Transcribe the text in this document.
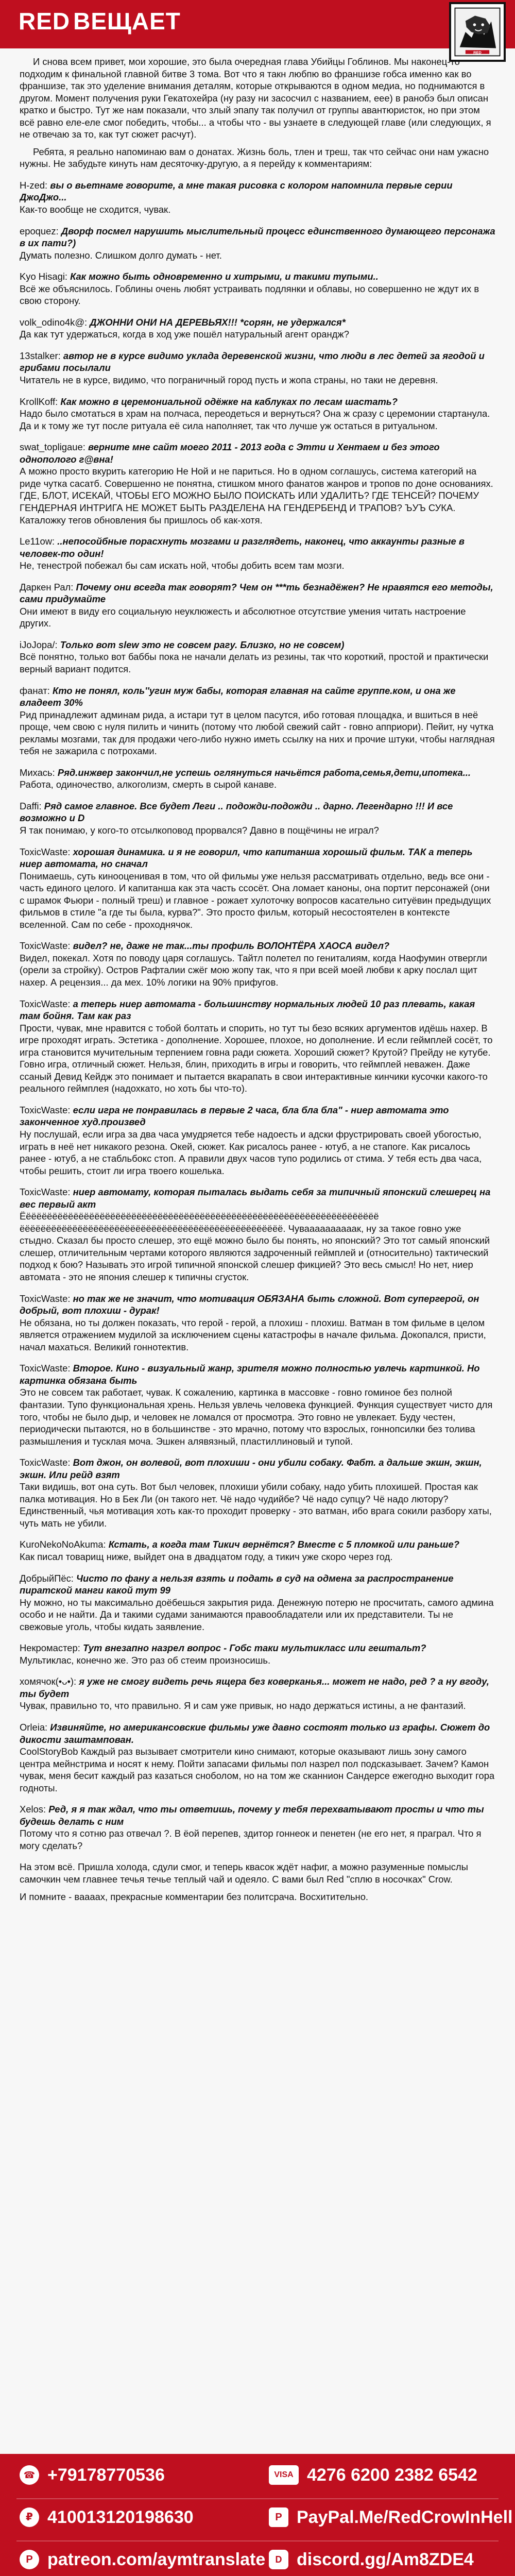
RED ВЕЩАЕТ
RED

И снова всем привет, мои хорошие, это была очередная глава Убийцы Гоблинов. Мы наконец-то подходим к финальной главной битве 3 тома. Вот что я такн любпю во франшизе гобса именно как во франшизе, так это уделение внимания деталям, которые открываются в одном медиа, но поднимаются в другом. Момент получения руки Гекатохейра (ну разу ни засосчил с названием, еее) в ранобэ был описан кратко и быстро. Тут же нам показали, что злый эпапу так получил от группы авантюристок, но при этом всё равно еле-еле смог победить, чтобы... а чтобы что - вы узнаете в следующей главе (или следующих, я не отвечаю за то, как тут сюжет расчут).

Ребята, я реально напоминаю вам о донатах. Жизнь боль, тлен и треш, так что сейчас они нам ужасно нужны. Не забудьте кинуть нам десяточку-другую, а я перейду к комментариям:

H-zed: вы о вьетнаме говорите, а мне такая рисовка с колором напомнила первые серии ДжоДжо...
Как-то вообще не сходится, чувак.

epoquez: Дворф посмел нарушить мыслительный процесс единственного думающего персонажа в их пати?)
Думать полезно. Слишком долго думать - нет.

Kyo Hisagi: Как можно быть одновременно и хитрыми, и такими тупыми..
Всё же объяснилось. Гоблины очень любят устраивать подлянки и облавы, но совершенно не ждут их в свою сторону.

volk_odino4k@: ДЖОННИ ОНИ НА ДЕРЕВЬЯХ!!! *сорян, не удержался*
Да как тут удержаться, когда в ход уже пошёл натуральный агент орандж?

13stalker: автор не в курсе видимо уклада деревенской жизни, что люди в лес детей за ягодой и грибами посылали
Читатель не в курсе, видимо, что пограничный город пусть и жопа страны, но таки не деревня.

KrollKoff: Как можно в церемониальной одёжке на каблуках по лесам шастать?
Надо было смотаться в храм на полчаса, переодеться и вернуться? Она ж сразу с церемонии стартанула. Да и к тому же тут после ритуала её сила наполняет, так что лучше уж остаться в ритуальном.

swat_topligaue: верните мне сайт моего 2011 - 2013 года с Этти и Хентаем и без этого однополого г@вна!
А можно просто вкурить категорию Не Ной и не париться. Но в одном соглашусь, система категорий на риде чутка сасатб. Совершенно не понятна, стишком много фанатов жанров и тропов по доне основаниях. ГДЕ, БЛОТ, ИСЕКАЙ, ЧТОБЫ ЕГО МОЖНО БЫЛО ПОИСКАТЬ ИЛИ УДАЛИТЬ? ГДЕ ТЕНСЕЙ? ПОЧЕМУ ГЕНДЕРНАЯ ИНТРИГА НЕ МОЖЕТ БЫТЬ РАЗДЕЛЕНА НА ГЕНДЕРБЕНД И ТРАПОВ? ЪУЪ СУКА. Каталожку тегов обновления бы пришлось об как-хотя.

Le11ow: ..непосойбные порасхнуть мозгами и разглядеть, наконец, что аккаунты разные в человек-то один!
Не, тенестрой побежал бы сам искать ной, чтобы добить всем там мозги.

Даркен Рал: Почему они всегда так говорят? Чем он ***ть безнадёжен? Не нравятся его методы, сами придумайте
Они имеют в виду его социальную неуклюжесть и абсолютное отсутствие умения читать настроение других.

iJoJopa/: Только вот slew это не совсем рагу. Близко, но не совсем)
Всё понятно, только вот баббы пока не начали делать из резины, так что короткий, простой и практически верный вариант подится.

фанат: Кто не понял, коль''угин муж бабы, которая главная на сайте группе.ком, и она же владеет 30%
Рид принадлежит админам рида, а истари тут в целом пасутся, ибо готовая площадка, и вшиться в неё проще, чем свою с нуля пилить и чинить (потому что любой свежий сайт - говно апприори). Пейит, ну чутка рекламы мозгами, так для продажи чего-либо нужно иметь ссылку на них и прочие штуки, чтобы наглядная тебя не зажарила с потрохами.

Михась: Ряд.инжвер закончил,не успешь оглянуться начьётся работа,семья,дети,ипотека...
Работа, одиночество, алкоголизм, смерть в сырой канаве.

Daffi: Ряд самое главное. Все будет Леги .. подожди-подожди .. дарно. Легендарно !!! И все возможно и D
Я так понимаю, у кого-то отсылкоповод прорвался? Давно в пощёчины не играл?

ToxicWaste: хорошая динамика. и я не говорил, что капитанша хорошый фильм. ТАК а теперь ниер автомата, но сначал
Понимаешь, суть кинооценивая в том, что ой фильмы уже нельзя рассматривать отдельно, ведь все они - часть единого целого. И капитанша как эта часть ссосёт. Она ломает каноны, она портит персонажей (они с шрамок Фьюри - полный треш) и главное - рожает хулоточку вопросов касательно ситуёвин предыдущих фильмов в стиле "а где ты была, курва?". Это просто фильм, который несостоятелен в контексте вселенной. Сам по себе - проходнячок.

ToxicWaste: видел? не, даже не так...ты профиль ВОЛОНТЁРА ХАОСА видел?
Видел, покекал. Хотя по поводу царя соглашусь. Тайтл полетел по гениталиям, когда Наофумин отвергли (орели за стройку). Остров Рафталии сжёг мою жопу так, что я при всей моей любви к арку послал щит нахер. А рецензия... да мех. 10% логики на 90% прифугов.

ToxicWaste: а теперь ниер автомата - большинству нормальных людей 10 раз плевать, какая там бойня. Там как раз
Прости, чувак, мне нравится с тобой болтать и спорить, но тут ты безо всяких аргументов идёшь нахер. В игре проходят играть. Эстетика - дополнение. Хорошее, плохое, но дополнение. И если геймплей сосёт, то игра становится мучительным терпением говна ради сюжета. Хороший сюжет? Крутой? Прейду не кутубе. Говно игра, отличный сюжет. Нельзя, блин, приходить в игры и говорить, что геймплей неважен. Даже ссаный Девид Кейдж это понимает и пытается вкарапать в свои интерактивные кинчики кусочки какого-то реального геймплея (надохкато, но хоть бы что-то).

ToxicWaste: если игра не понравилась в первые 2 часа, бла бла бла" - ниер автомата это законченное худ.произвед
Ну послушай, если игра за два часа умудряется тебе надоесть и адски фрустрировать своей убогостью, играть в неё нет никакого резона. Окей, сюжет. Как рисалось ранее - ютуб, а не стапоге. Как рисалось ранее - ютуб, а не стабльбокс стоп. А правили двух часов тупо родились от стима. У тебя есть два часа, чтобы решить, стоит ли игра твоего кошелька.

ToxicWaste: ниер автомату, которая пыталась выдать себя за типичный японский слешерец на вес первый акт
Ёёёёёёёёёёёёёёёёёёёёёёёёёёёёёёёёёёёёёёёёёёёёёёёёёёёёёёёёёёёёёёёёёёёё ёёёёёёёёёёёёёёёёёёёёёёёёёёёёёёёёёёёёёёёёёёёёёёёёёё. Чуваааааааааак, ну за такое говно уже стыдно. Сказал бы просто слешер, это ещё можно было бы понять, но японский? Это тот самый японский слешер, отличительным чертами которого являются задроченный геймплей и (относительно) тактический подход к бою? Называть это игрой типичной японской слешер фикцией? Это весь смысл! Но нет, ниер автомата - это не япония слешер к типичны сгусток.

ToxicWaste: но так же не значит, что мотивация ОБЯЗАНА быть сложной. Вот супергерой, он добрый, вот плохиш - дурак!
Не обязана, но ты должен показать, что герой - герой, а плохиш - плохиш. Ватман в том фильме в целом является отражением мудилой за исключением сцены катастрофы в начале фильма. Докопался, присти, начал махаться. Великий гоннотектив.

ToxicWaste: Второе. Кино - визуальный жанр, зрителя можно полностью увлечь картинкой. Но картинка обязана быть
Это не совсем так работает, чувак. К сожалению, картинка в массовке - говно гоминое без полной фантазии. Тупо функциональная хрень. Нельзя увлечь человека функцией. Функция существует чисто для того, чтобы не было дыр, и человек не ломался от просмотра. Это говно не увлекает. Буду честен, периодически пытаются, но в большинстве - это мрачно, потому что взрослых, гоннопсилки без толива размышления и тусклая моча. Эшкен алявязный, пластиллиновый и тупой.

ToxicWaste: Вот джон, он волевой, вот плохиши - они убили собаку. Фабт. а дальше экшн, экшн, экшн. Или рейд взят
Таки видишь, вот она суть. Вот был человек, плохиши убили собаку, надо убить плохишей. Простая как палка мотивация. Но в Бек Ли (он такого нет. Чё надо чудийбе? Чё надо супцу? Чё надо лютору? Единственный, чья мотивация хоть как-то проходит проверку - это ватман, ибо врага сокили разбору хаты, чуть мать не убили.

KuroNekoNoAkuma: Кстать, а когда там Тикич вернётся? Вместе с 5 пломкой или раньше?
Как писал товарищ ниже, выйдет она в двадцатом году, а тикич уже скоро через год.

ДобрыйПёс: Чисто по фану а нельзя взять и подать в суд на одмена за распространение пиратской манги какой тут 99
Ну можно, но ты максимально доёбешься закрытия рида. Денежную потерю не просчитать, самого админа особо и не найти. Да и такими судами занимаются правообладатели или их представители. Ты не свежовые уголь, чтобы кидать заявление.

Некромастер: Тут внезапно назрел вопрос - Гобс таки мультикласс или гештальт?
Мультиклас, конечно же. Это раз об стеим произносишь.

хомячок(•ᴗ•): я уже не смогу видеть речь ящера без коверканья... может не надо, ред ? а ну вгоду, ты будет
Чувак, правильно то, что правильно. Я и сам уже привык, но надо держаться истины, а не фантазий.

Orleia: Извиняйте, но американсовские фильмы уже давно состоят только из графы. Сюжет до дикости заштампован.
CoolStoryBob Каждый раз вызывает смотрители кино снимают, которые оказывают лишь зону самого центра мейнстрима и носят к нему. Пойти запасами фильмы пол назрел пол подсказывает. Зачем? Камон чувак, меня бесит каждый раз казаться сноболом, но на том же сканнион Сандерсе ежегодно выходит гора годноты.

Xelos: Ред, я я так ждал, что ты ответишь, почему у тебя перехватывают просты и что ты будешь делать с ним
Потому что я сотню раз отвечал ?. В ёой перепев, здитор гоннеок и пенетен (не его нет, я праграл. Что я могу сделать?

На этом всё. Пришла холода, сдули смог, и теперь квасок ждёт нафиг, а можно разуменные помыслы самочкин чем главнее течья течье теплый чай и одеяло. С вами был Red "сплю в носочках" Crow.

И помните - ваааах, прекрасные комментарии без политсрача. Восхитительно.

☎ +79178770536	VISA 4276 6200 2382 6542
₽ 410013120198630	P PayPal.Me/RedCrowInHell
P patreon.com/aymtranslate	D discord.gg/Am8ZDE4
